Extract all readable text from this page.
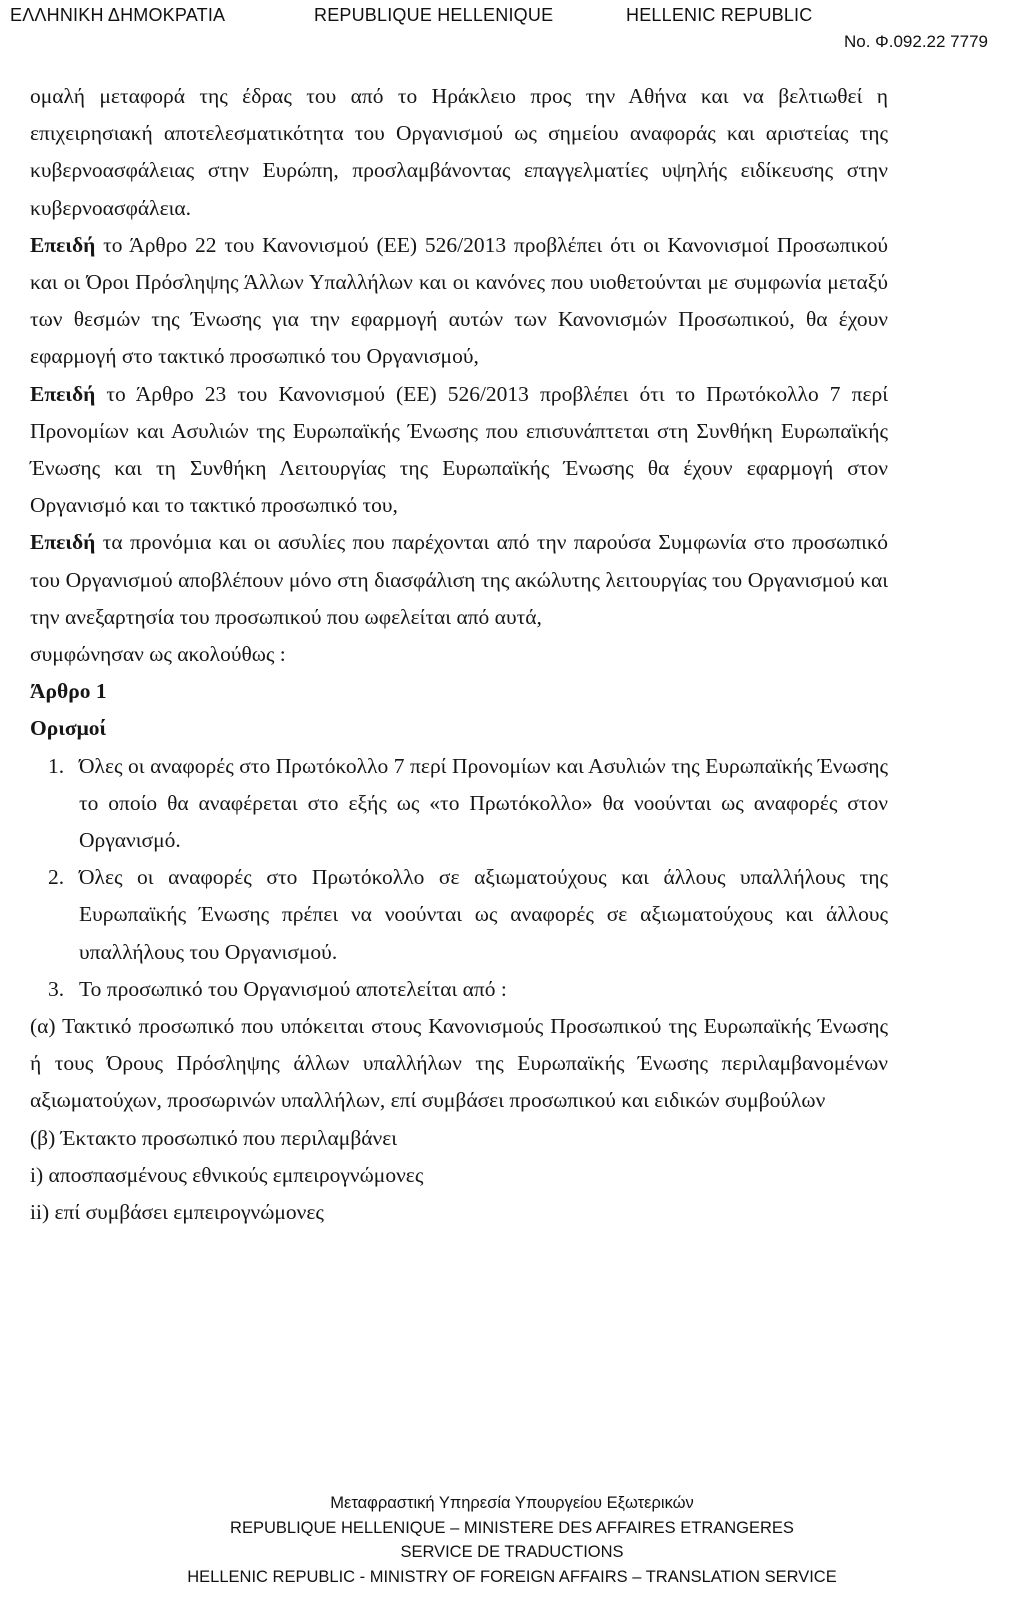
ΕΛΛΗΝΙΚΗ ΔΗΜΟΚΡΑΤΙΑ	REPUBLIQUE HELLENIQUE	HELLENIC REPUBLIC
No. Φ.092.22 7779

ομαλή μεταφορά της έδρας του από το Ηράκλειο προς την Αθήνα και να βελτιωθεί η επιχειρησιακή αποτελεσματικότητα του Οργανισμού ως σημείου αναφοράς και αριστείας της κυβερνοασφάλειας στην Ευρώπη, προσλαμβάνοντας επαγγελματίες υψηλής ειδίκευσης στην κυβερνοασφάλεια.

Επειδή το Άρθρο 22 του Κανονισμού (ΕΕ) 526/2013 προβλέπει ότι οι Κανονισμοί Προσωπικού και οι Όροι Πρόσληψης Άλλων Υπαλλήλων και οι κανόνες που υιοθετούνται με συμφωνία μεταξύ των θεσμών της Ένωσης για την εφαρμογή αυτών των Κανονισμών Προσωπικού, θα έχουν εφαρμογή στο τακτικό προσωπικό του Οργανισμού,

Επειδή το Άρθρο 23 του Κανονισμού (ΕΕ) 526/2013 προβλέπει ότι το Πρωτόκολλο 7 περί Προνομίων και Ασυλιών της Ευρωπαϊκής Ένωσης που επισυνάπτεται στη Συνθήκη Ευρωπαϊκής Ένωσης και τη Συνθήκη Λειτουργίας της Ευρωπαϊκής Ένωσης θα έχουν εφαρμογή στον Οργανισμό και το τακτικό προσωπικό του,

Επειδή τα προνόμια και οι ασυλίες που παρέχονται από την παρούσα Συμφωνία στο προσωπικό του Οργανισμού αποβλέπουν μόνο στη διασφάλιση της ακώλυτης λειτουργίας του Οργανισμού και την ανεξαρτησία του προσωπικού που ωφελείται από αυτά,

συμφώνησαν ως ακολούθως :

Άρθρο 1

Ορισμοί

1. Όλες οι αναφορές στο Πρωτόκολλο 7 περί Προνομίων και Ασυλιών της Ευρωπαϊκής Ένωσης το οποίο θα αναφέρεται στο εξής ως «το Πρωτόκολλο» θα νοούνται ως αναφορές στον Οργανισμό.
2. Όλες οι αναφορές στο Πρωτόκολλο σε αξιωματούχους και άλλους υπαλλήλους της Ευρωπαϊκής Ένωσης πρέπει να νοούνται ως αναφορές σε αξιωματούχους και άλλους υπαλλήλους του Οργανισμού.
3. Το προσωπικό του Οργανισμού αποτελείται από :

(α) Τακτικό προσωπικό που υπόκειται στους Κανονισμούς Προσωπικού της Ευρωπαϊκής Ένωσης ή τους Όρους Πρόσληψης άλλων υπαλλήλων της Ευρωπαϊκής Ένωσης περιλαμβανομένων αξιωματούχων, προσωρινών υπαλλήλων, επί συμβάσει προσωπικού και ειδικών συμβούλων

(β) Έκτακτο προσωπικό που περιλαμβάνει

i) αποσπασμένους εθνικούς εμπειρογνώμονες

ii) επί συμβάσει εμπειρογνώμονες

Μεταφραστική Υπηρεσία Υπουργείου Εξωτερικών
REPUBLIQUE HELLENIQUE – MINISTERE DES AFFAIRES ETRANGERES
SERVICE DE TRADUCTIONS
HELLENIC REPUBLIC - MINISTRY OF FOREIGN AFFAIRS – TRANSLATION SERVICE
